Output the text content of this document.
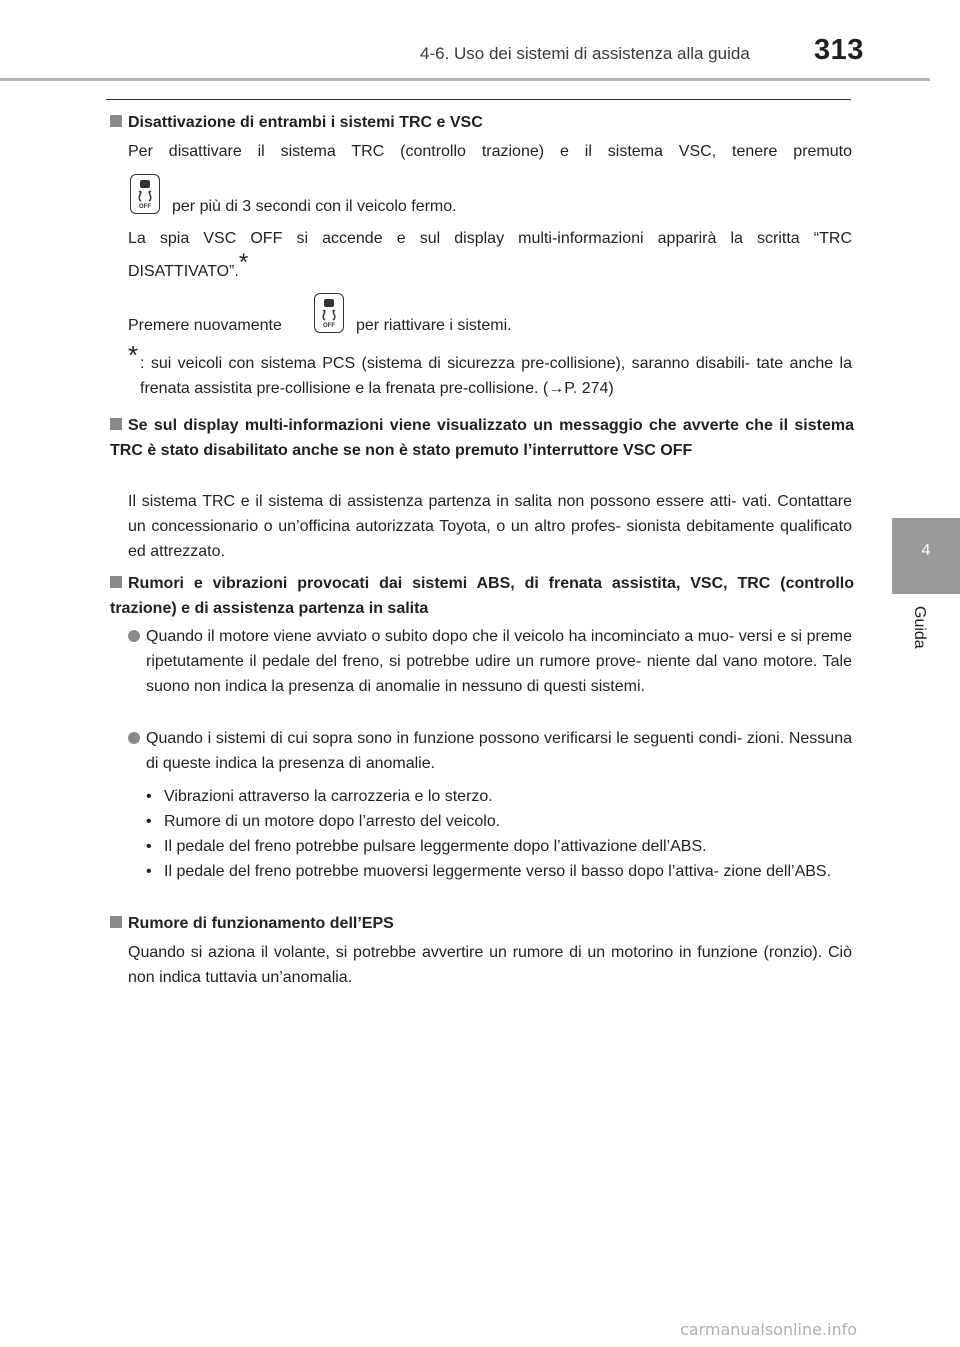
4-6. Uso dei sistemi di assistenza alla guida 313
4
Guida
Disattivazione di entrambi i sistemi TRC e VSC
Per disattivare il sistema TRC (controllo trazione) e il sistema VSC, tenere premuto
OFF per più di 3 secondi con il veicolo fermo.
La spia VSC OFF si accende e sul display multi-informazioni apparirà la scritta “TRC
DISATTIVATO”.*
Premere nuovamente	OFF per riattivare i sistemi.
* : sui veicoli con sistema PCS (sistema di sicurezza pre-collisione), saranno disabili- tate anche la frenata assistita pre-collisione e la frenata pre-collisione. (→P. 274)
Se sul display multi-informazioni viene visualizzato un messaggio che avverte che il sistema TRC è stato disabilitato anche se non è stato premuto l’interruttore VSC OFF
Il sistema TRC e il sistema di assistenza partenza in salita non possono essere atti- vati. Contattare un concessionario o un’officina autorizzata Toyota, o un altro profes- sionista debitamente qualificato ed attrezzato.
Rumori e vibrazioni provocati dai sistemi ABS, di frenata assistita, VSC, TRC (controllo trazione) e di assistenza partenza in salita
Quando il motore viene avviato o subito dopo che il veicolo ha incominciato a muo- versi e si preme ripetutamente il pedale del freno, si potrebbe udire un rumore prove- niente dal vano motore. Tale suono non indica la presenza di anomalie in nessuno di questi sistemi.
Quando i sistemi di cui sopra sono in funzione possono verificarsi le seguenti condi- zioni. Nessuna di queste indica la presenza di anomalie.
• Vibrazioni attraverso la carrozzeria e lo sterzo.
• Rumore di un motore dopo l’arresto del veicolo.
• Il pedale del freno potrebbe pulsare leggermente dopo l’attivazione dell’ABS.
• Il pedale del freno potrebbe muoversi leggermente verso il basso dopo l’attiva- zione dell’ABS.
Rumore di funzionamento dell’EPS
Quando si aziona il volante, si potrebbe avvertire un rumore di un motorino in funzione (ronzio). Ciò non indica tuttavia un’anomalia.
carmanualsonline.info
